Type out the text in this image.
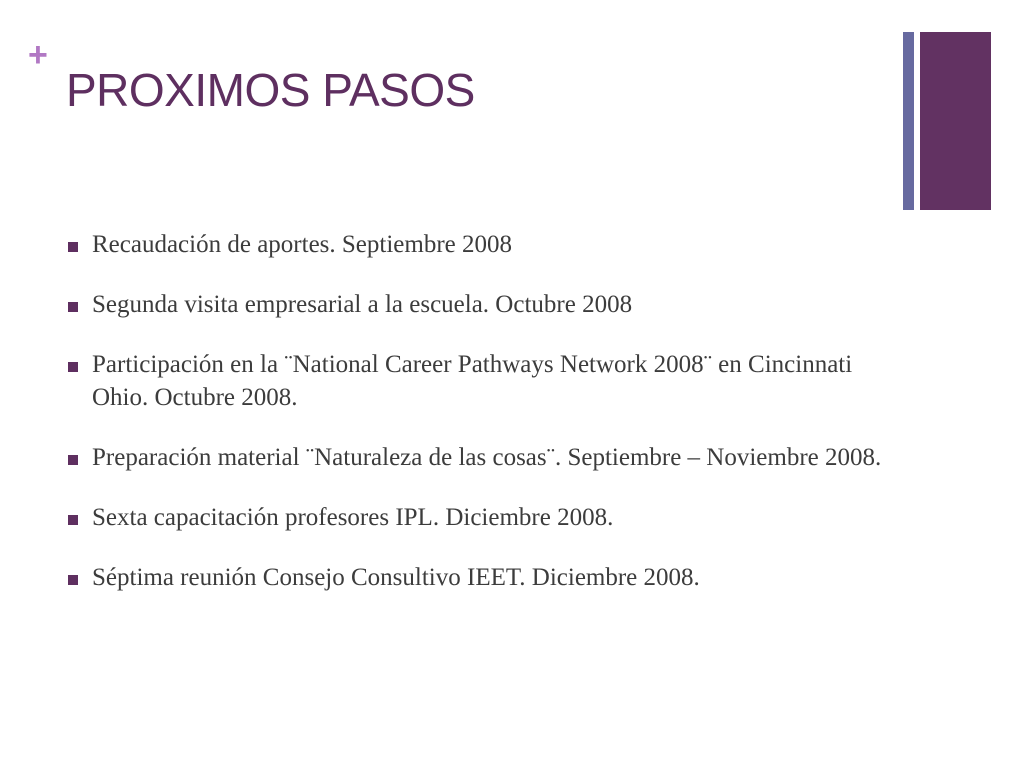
+
PROXIMOS PASOS
Recaudación de aportes. Septiembre 2008
Segunda visita empresarial a la escuela. Octubre 2008
Participación en la ¨National Career Pathways Network 2008¨ en Cincinnati Ohio. Octubre 2008.
Preparación material ¨Naturaleza de las cosas¨. Septiembre – Noviembre 2008.
Sexta capacitación profesores IPL. Diciembre 2008.
Séptima reunión Consejo Consultivo IEET. Diciembre 2008.
